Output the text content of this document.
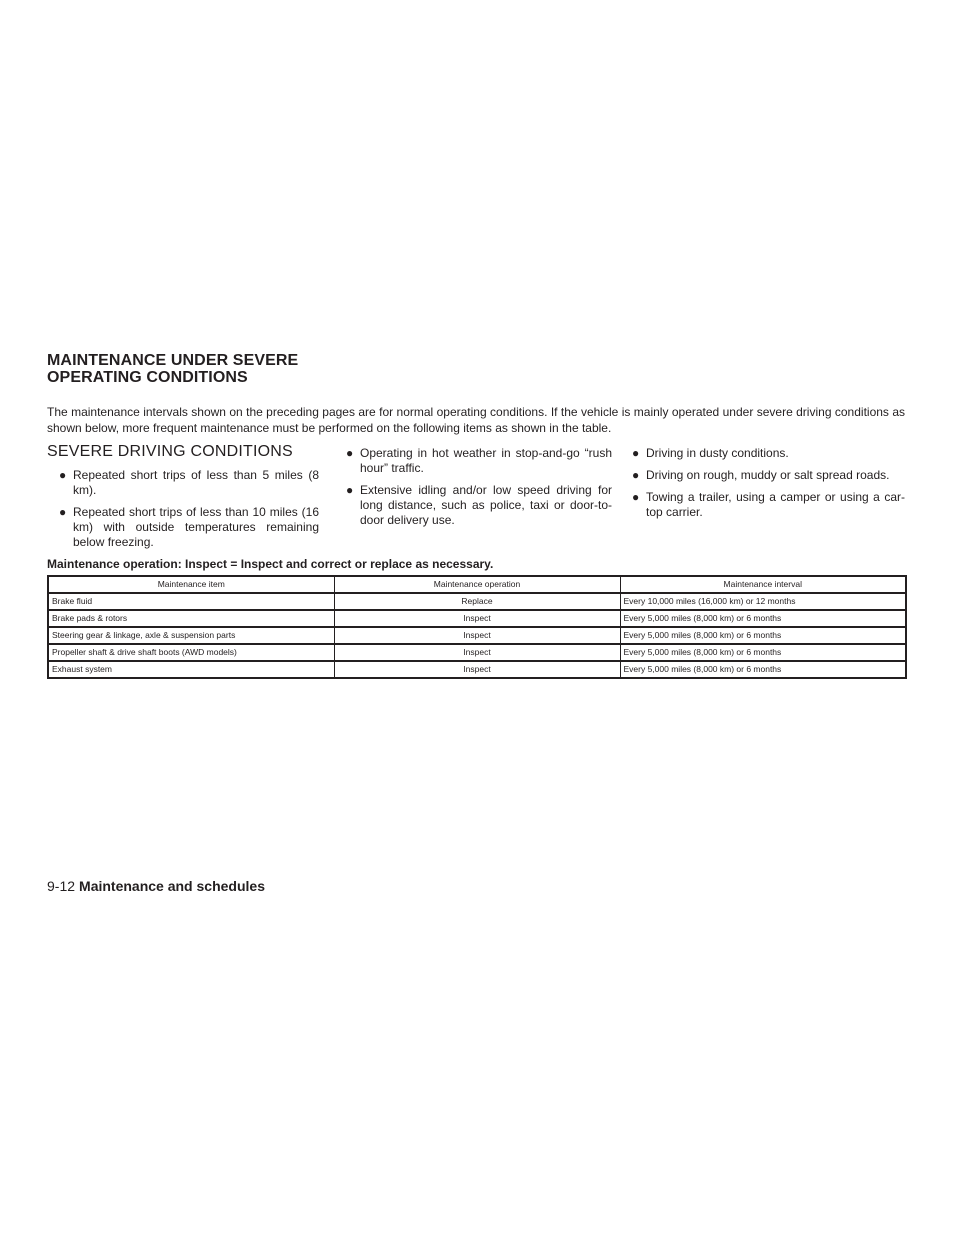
MAINTENANCE UNDER SEVERE
OPERATING CONDITIONS

The maintenance intervals shown on the preceding pages are for normal operating conditions. If the vehicle is mainly operated under severe driving conditions as shown below, more frequent maintenance must be performed on the following items as shown in the table.

SEVERE DRIVING CONDITIONS
● Repeated short trips of less than 5 miles (8 km).
● Repeated short trips of less than 10 miles (16 km) with outside temperatures remaining below freezing.
● Operating in hot weather in stop-and-go “rush hour” traffic.
● Extensive idling and/or low speed driving for long distance, such as police, taxi or door-to-door delivery use.
● Driving in dusty conditions.
● Driving on rough, muddy or salt spread roads.
● Towing a trailer, using a camper or using a car-top carrier.

Maintenance operation: Inspect = Inspect and correct or replace as necessary.

Maintenance item	Maintenance operation	Maintenance interval
Brake fluid	Replace	Every 10,000 miles (16,000 km) or 12 months
Brake pads & rotors	Inspect	Every 5,000 miles (8,000 km) or 6 months
Steering gear & linkage, axle & suspension parts	Inspect	Every 5,000 miles (8,000 km) or 6 months
Propeller shaft & drive shaft boots (AWD models)	Inspect	Every 5,000 miles (8,000 km) or 6 months
Exhaust system	Inspect	Every 5,000 miles (8,000 km) or 6 months

9-12 Maintenance and schedules
